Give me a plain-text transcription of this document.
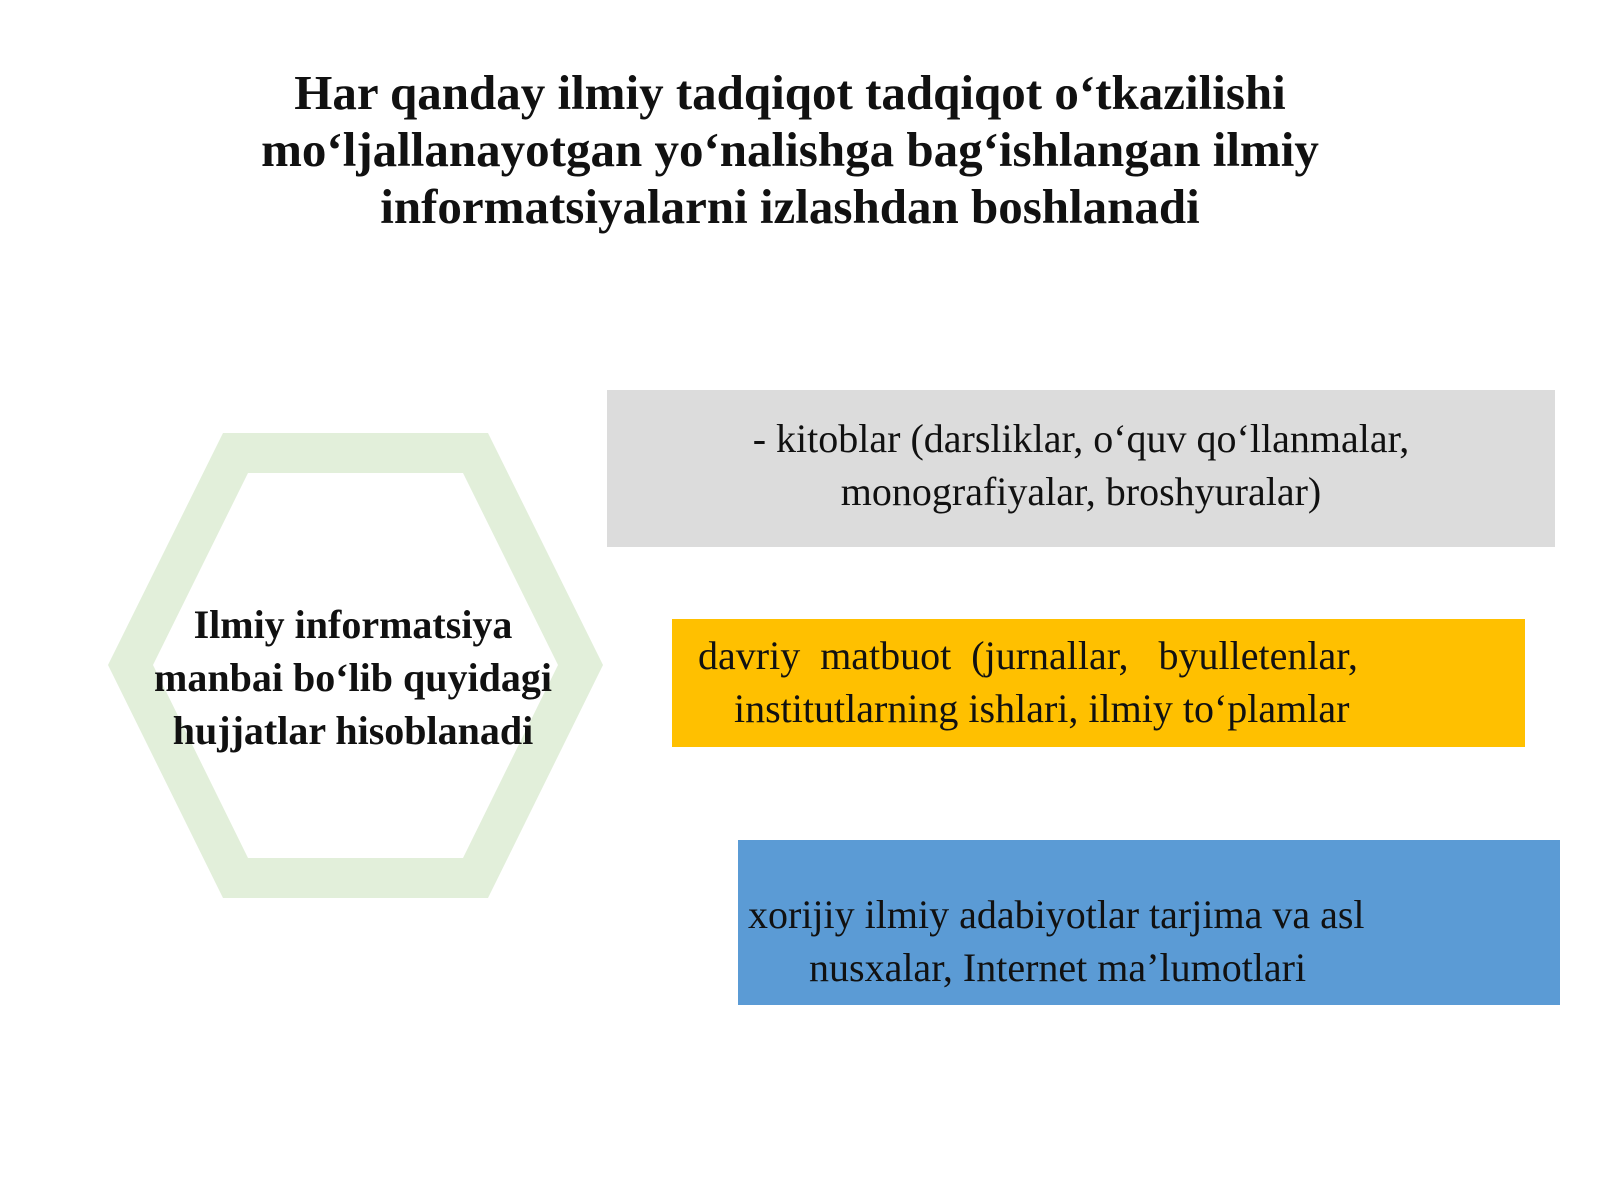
Har qanday ilmiy tadqiqot tadqiqot o‘tkazilishi
mo‘ljallanayotgan yo‘nalishga bag‘ishlangan ilmiy
informatsiyalarni izlashdan boshlanadi
Ilmiy informatsiya
manbai bo‘lib quyidagi
hujjatlar hisoblanadi
- kitoblar (darsliklar, o‘quv qo‘llanmalar,
monografiyalar, broshyuralar)
davriy  matbuot  (jurnallar,   byulletenlar,
institutlarning ishlari, ilmiy to‘plamlar
xorijiy ilmiy adabiyotlar tarjima va asl
nusxalar, Internet ma’lumotlari
